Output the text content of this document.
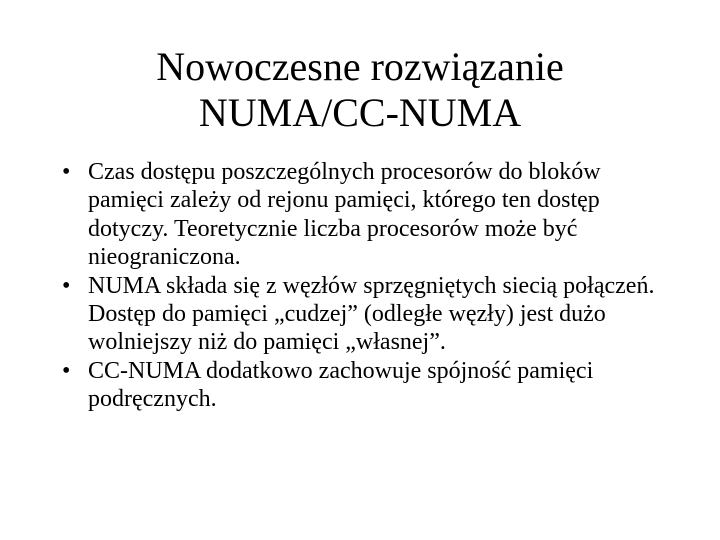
Nowoczesne rozwiązanie
NUMA/CC-NUMA
• Czas dostępu poszczególnych procesorów do bloków pamięci zależy od rejonu pamięci, którego ten dostęp dotyczy. Teoretycznie liczba procesorów może być nieograniczona.
• NUMA składa się z węzłów sprzęgniętych siecią połączeń. Dostęp do pamięci „cudzej” (odległe węzły) jest dużo wolniejszy niż do pamięci „własnej”.
• CC-NUMA dodatkowo zachowuje spójność pamięci podręcznych.
